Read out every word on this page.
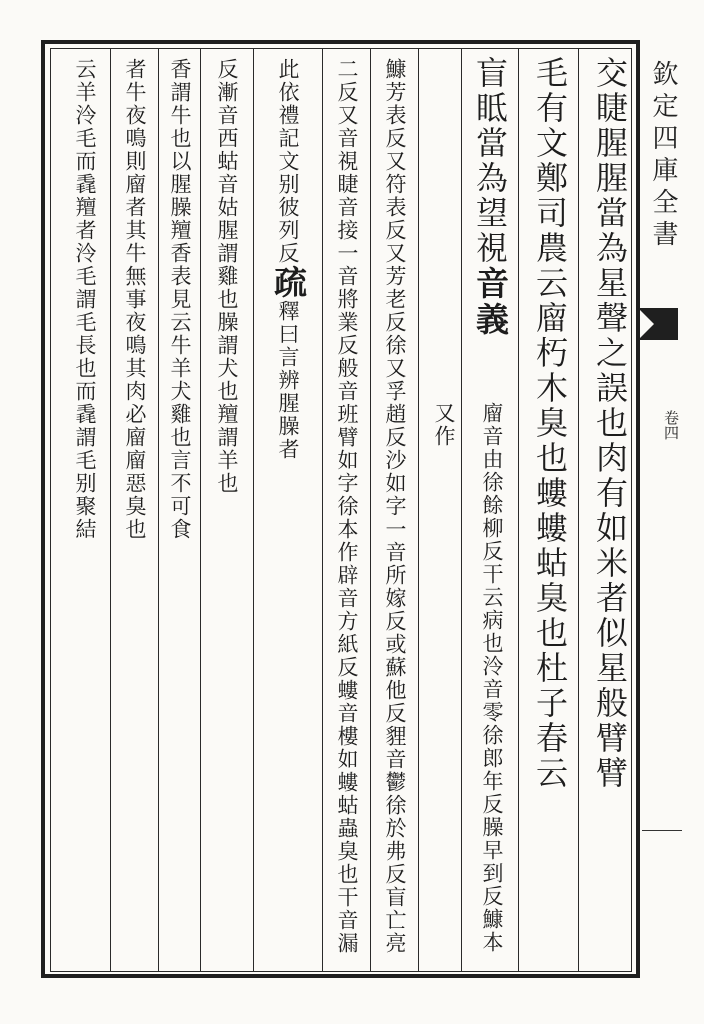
交睫腥腥當為星聲之誤也肉有如米者似星般臂臂
毛有文鄭司農云廇朽木臭也螻螻蛄臭也杜子春云
盲眡當為望視音義
廇音由徐餘柳反干云病也泠音零徐郎年反臊早到反鱇本又作
鱇芳表反又符表反又芳老反徐又孚趙反沙如字一音所嫁反或蘇他反貍音鬱徐於弗反盲亡亮
二反又音視睫音接一音將業反般音班臂如字徐本作辟音方紙反螻音樓如螻蛄蟲臭也干音漏
此依禮記文别彼列反疏釋曰言辨腥臊者
反漸音西蛄音姑腥謂雞也臊謂犬也羶謂羊也
香謂牛也以腥臊羶香表見云牛羊犬雞也言不可食
者牛夜鳴則廇者其牛無事夜鳴其肉必廇廇惡臭也
云羊泠毛而毳羶者泠毛謂毛長也而毳謂毛别聚結	欽定四庫全書
卷四
